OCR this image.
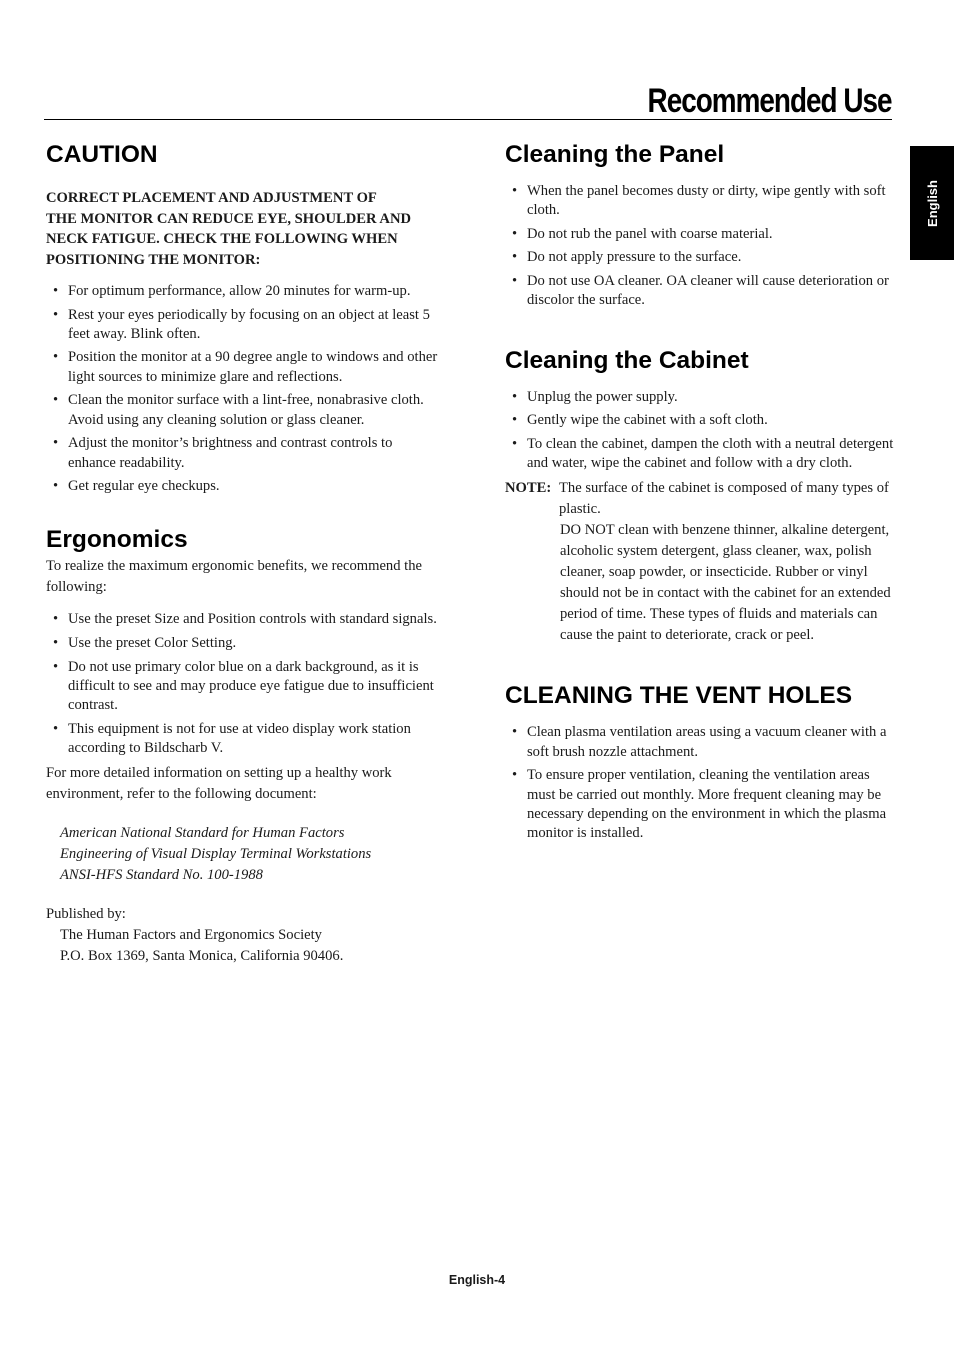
Recommended Use
English
CAUTION

CORRECT PLACEMENT AND ADJUSTMENT OF
THE MONITOR CAN REDUCE EYE, SHOULDER AND
NECK FATIGUE. CHECK THE FOLLOWING WHEN
POSITIONING THE MONITOR:

• For optimum performance, allow 20 minutes for warm-up.
• Rest your eyes periodically by focusing on an object at least 5 feet away. Blink often.
• Position the monitor at a 90 degree angle to windows and other light sources to minimize glare and reflections.
• Clean the monitor surface with a lint-free, nonabrasive cloth. Avoid using any cleaning solution or glass cleaner.
• Adjust the monitor’s brightness and contrast controls to enhance readability.
• Get regular eye checkups.
Ergonomics

To realize the maximum ergonomic benefits, we recommend the following:

• Use the preset Size and Position controls with standard signals.
• Use the preset Color Setting.
• Do not use primary color blue on a dark background, as it is difficult to see and may produce eye fatigue due to insufficient contrast.
• This equipment is not for use at video display work station according to Bildscharb V.

For more detailed information on setting up a healthy work environment, refer to the following document:

American National Standard for Human Factors
Engineering of Visual Display Terminal Workstations
ANSI-HFS Standard No. 100-1988

Published by:

The Human Factors and Ergonomics Society
P.O. Box 1369, Santa Monica, California 90406.

Cleaning the Panel
• When the panel becomes dusty or dirty, wipe gently with soft cloth.
• Do not rub the panel with coarse material.
• Do not apply pressure to the surface.
• Do not use OA cleaner. OA cleaner will cause deterioration or discolor the surface.
Cleaning the Cabinet
• Unplug the power supply.
• Gently wipe the cabinet with a soft cloth.
• To clean the cabinet, dampen the cloth with a neutral detergent and water, wipe the cabinet and follow with a dry cloth.
NOTE: The surface of the cabinet is composed of many types of plastic.
DO NOT clean with benzene thinner, alkaline detergent, alcoholic system detergent, glass cleaner, wax, polish cleaner, soap powder, or insecticide. Rubber or vinyl should not be in contact with the cabinet for an extended period of time. These types of fluids and materials can cause the paint to deteriorate, crack or peel.
CLEANING THE VENT HOLES
• Clean plasma ventilation areas using a vacuum cleaner with a soft brush nozzle attachment.
• To ensure proper ventilation, cleaning the ventilation areas must be carried out monthly. More frequent cleaning may be necessary depending on the environment in which the plasma monitor is installed.
English-4
